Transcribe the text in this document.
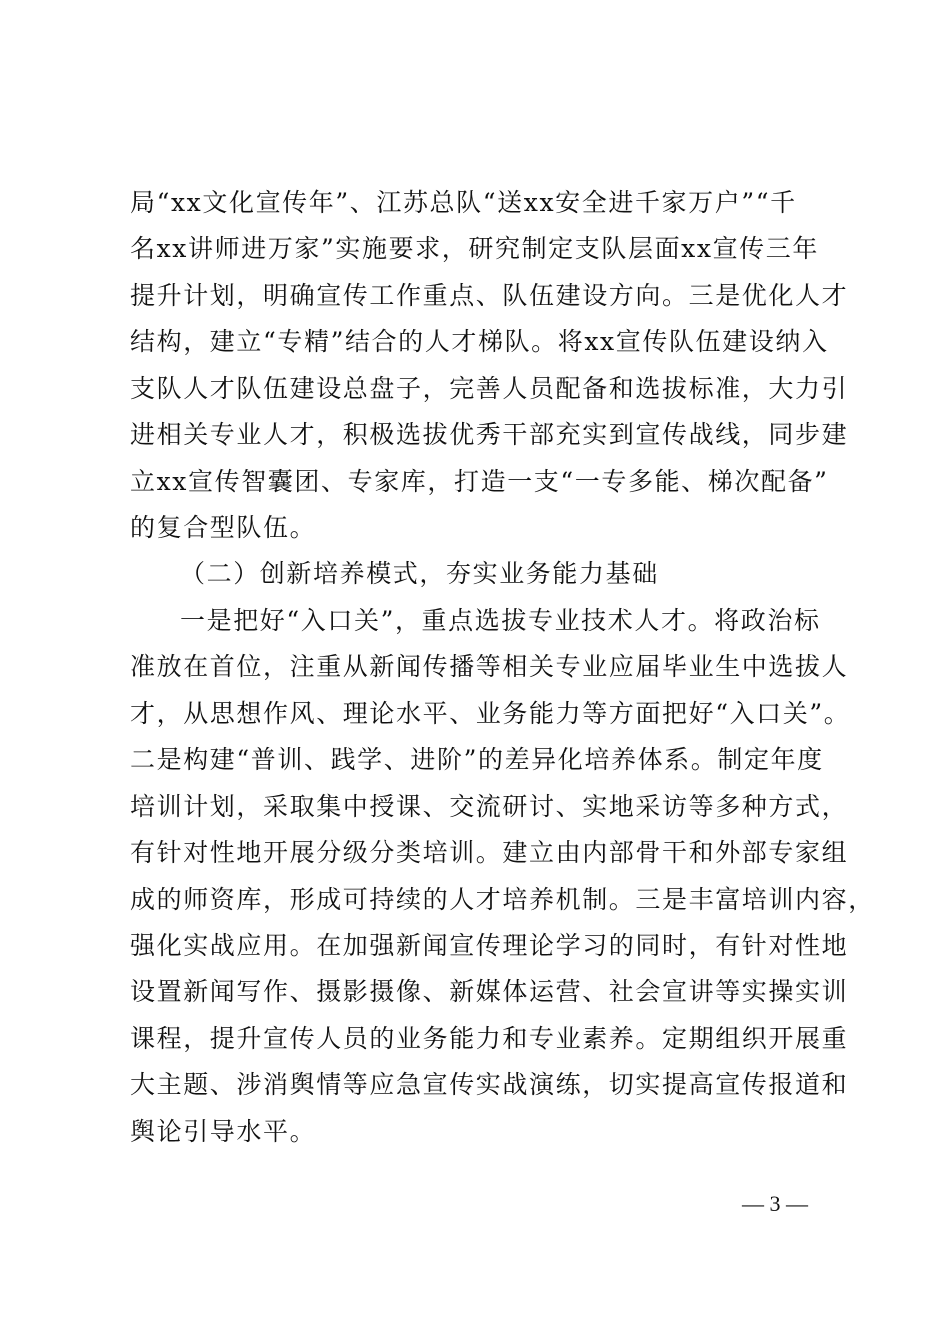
局“xx文化宣传年”、江苏总队“送xx安全进千家万户”“千
名xx讲师进万家”实施要求，研究制定支队层面xx宣传三年
提升计划，明确宣传工作重点、队伍建设方向。三是优化人才
结构，建立“专精”结合的人才梯队。将xx宣传队伍建设纳入
支队人才队伍建设总盘子，完善人员配备和选拔标准，大力引
进相关专业人才，积极选拔优秀干部充实到宣传战线，同步建
立xx宣传智囊团、专家库，打造一支“一专多能、梯次配备”
的复合型队伍。
（二）创新培养模式，夯实业务能力基础
一是把好“入口关”，重点选拔专业技术人才。将政治标
准放在首位，注重从新闻传播等相关专业应届毕业生中选拔人
才，从思想作风、理论水平、业务能力等方面把好“入口关”。
二是构建“普训、践学、进阶”的差异化培养体系。制定年度
培训计划，采取集中授课、交流研讨、实地采访等多种方式，
有针对性地开展分级分类培训。建立由内部骨干和外部专家组
成的师资库，形成可持续的人才培养机制。三是丰富培训内容，
强化实战应用。在加强新闻宣传理论学习的同时，有针对性地
设置新闻写作、摄影摄像、新媒体运营、社会宣讲等实操实训
课程，提升宣传人员的业务能力和专业素养。定期组织开展重
大主题、涉消舆情等应急宣传实战演练，切实提高宣传报道和
舆论引导水平。
— 3 —
